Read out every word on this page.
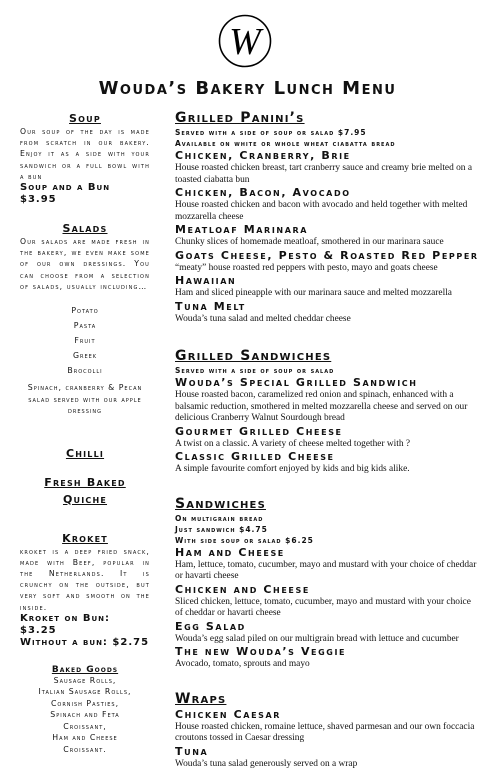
W
Wouda’s Bakery Lunch Menu
Soup
Our soup of the day is made from scratch in our bakery. Enjoy it as a side with your sandwich or a full bowl with a bun
Soup and a Bun
$3.95
Salads
Our salads are made fresh in the bakery, we even make some of our own dressings. You can choose from a selection of salads, usually including…
Potato
Pasta
Fruit
Greek
Brocolli
Spinach, cranberry & Pecan salad served with our apple dressing
Chilli
Fresh Baked Quiche
Kroket
kroket is a deep fried snack, made with Beef, popular in the Netherlands. It is crunchy on the outside, but very soft and smooth on the inside.
Kroket on Bun: $3.25
Without a bun: $2.75
Baked Goods
Sausage Rolls,
Italian Sausage Rolls,
Cornish Pasties,
Spinach and Feta
Croissant,
Ham and Cheese
Croissant.
Grilled Panini’s
Served with a side of soup or salad $7.95
Available on white or whole wheat ciabatta bread
Chicken, Cranberry, Brie
House roasted chicken breast, tart cranberry sauce and creamy brie melted on a toasted ciabatta bun
Chicken, Bacon, Avocado
House roasted chicken and bacon with avocado and held together with melted mozzarella cheese
Meatloaf Marinara
Chunky slices of homemade meatloaf, smothered in our marinara sauce
Goats Cheese, Pesto & Roasted Red Pepper
“meaty” house roasted red peppers with pesto, mayo and goats cheese
Hawaiian
Ham and sliced pineapple with our marinara sauce and melted mozzarella
Tuna Melt
Wouda’s tuna salad and melted cheddar cheese
Grilled Sandwiches
Served with a side of soup or salad
Wouda’s Special Grilled Sandwich
House roasted bacon, caramelized red onion and spinach, enhanced with a balsamic reduction, smothered in melted mozzarella cheese and served on our delicious Cranberry Walnut Sourdough bread
Gourmet Grilled Cheese
A twist on a classic. A variety of cheese melted together with ?
Classic Grilled Cheese
A simple favourite comfort enjoyed by kids and big kids alike.
Sandwiches
On multigrain bread
Just sandwich $4.75
With side soup or salad $6.25
Ham and Cheese
Ham, lettuce, tomato, cucumber, mayo and mustard with your choice of cheddar or havarti cheese
Chicken and Cheese
Sliced chicken, lettuce, tomato, cucumber, mayo and mustard with your choice of cheddar or havarti cheese
Egg Salad
Wouda’s egg salad piled on our multigrain bread with lettuce and cucumber
The new Wouda’s Veggie
Avocado, tomato, sprouts and mayo
Wraps
Chicken Caesar
House roasted chicken, romaine lettuce, shaved parmesan and our own foccacia croutons tossed in Caesar dressing
Tuna
Wouda’s tuna salad generously served on a wrap
